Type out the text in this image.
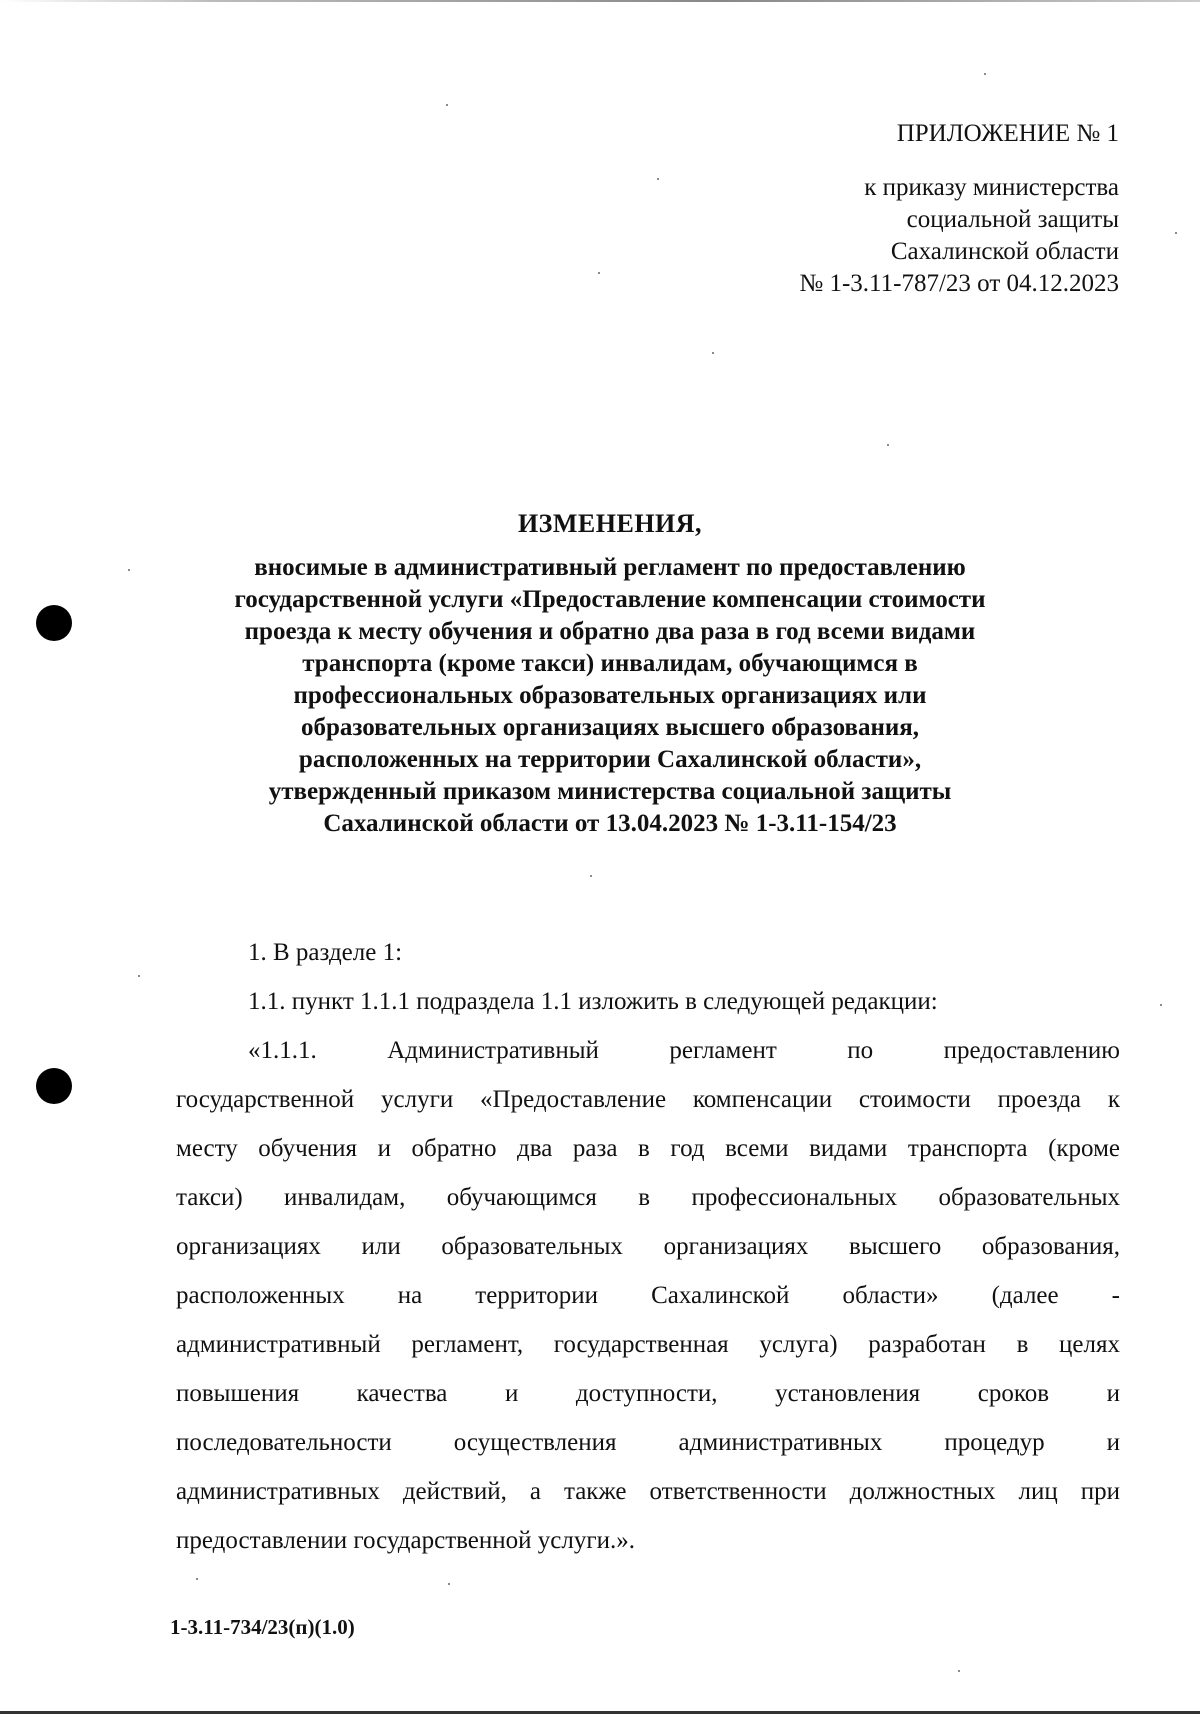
ПРИЛОЖЕНИЕ № 1
к приказу министерства
социальной защиты
Сахалинской области
№ 1-3.11-787/23 от 04.12.2023
ИЗМЕНЕНИЯ,
вносимые в административный регламент по предоставлению
государственной услуги «Предоставление компенсации стоимости
проезда к месту обучения и обратно два раза в год всеми видами
транспорта (кроме такси) инвалидам, обучающимся в
профессиональных образовательных организациях или
образовательных организациях высшего образования,
расположенных на территории Сахалинской области»,
утвержденный приказом министерства социальной защиты
Сахалинской области от 13.04.2023 № 1-3.11-154/23
1. В разделе 1:
1.1. пункт 1.1.1 подраздела 1.1 изложить в следующей редакции:
«1.1.1. Административный регламент по предоставлению
государственной услуги «Предоставление компенсации стоимости проезда к
месту обучения и обратно два раза в год всеми видами транспорта (кроме
такси) инвалидам, обучающимся в профессиональных образовательных
организациях или образовательных организациях высшего образования,
расположенных на территории Сахалинской области» (далее -
административный регламент, государственная услуга) разработан в целях
повышения качества и доступности, установления сроков и
последовательности осуществления административных процедур и
административных действий, а также ответственности должностных лиц при
предоставлении государственной услуги.».
1-3.11-734/23(п)(1.0)
